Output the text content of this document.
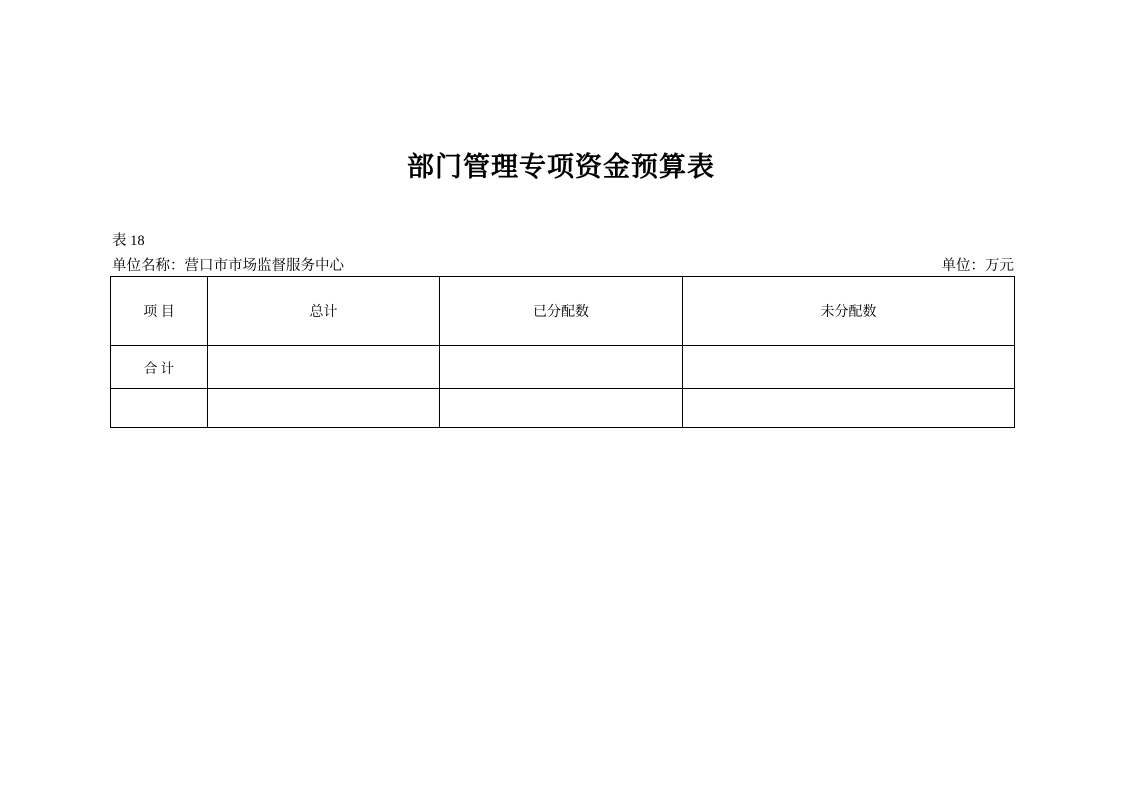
部门管理专项资金预算表
表 18
单位名称：营口市市场监督服务中心	单位：万元
项 目	总计	已分配数	未分配数
合 计			
